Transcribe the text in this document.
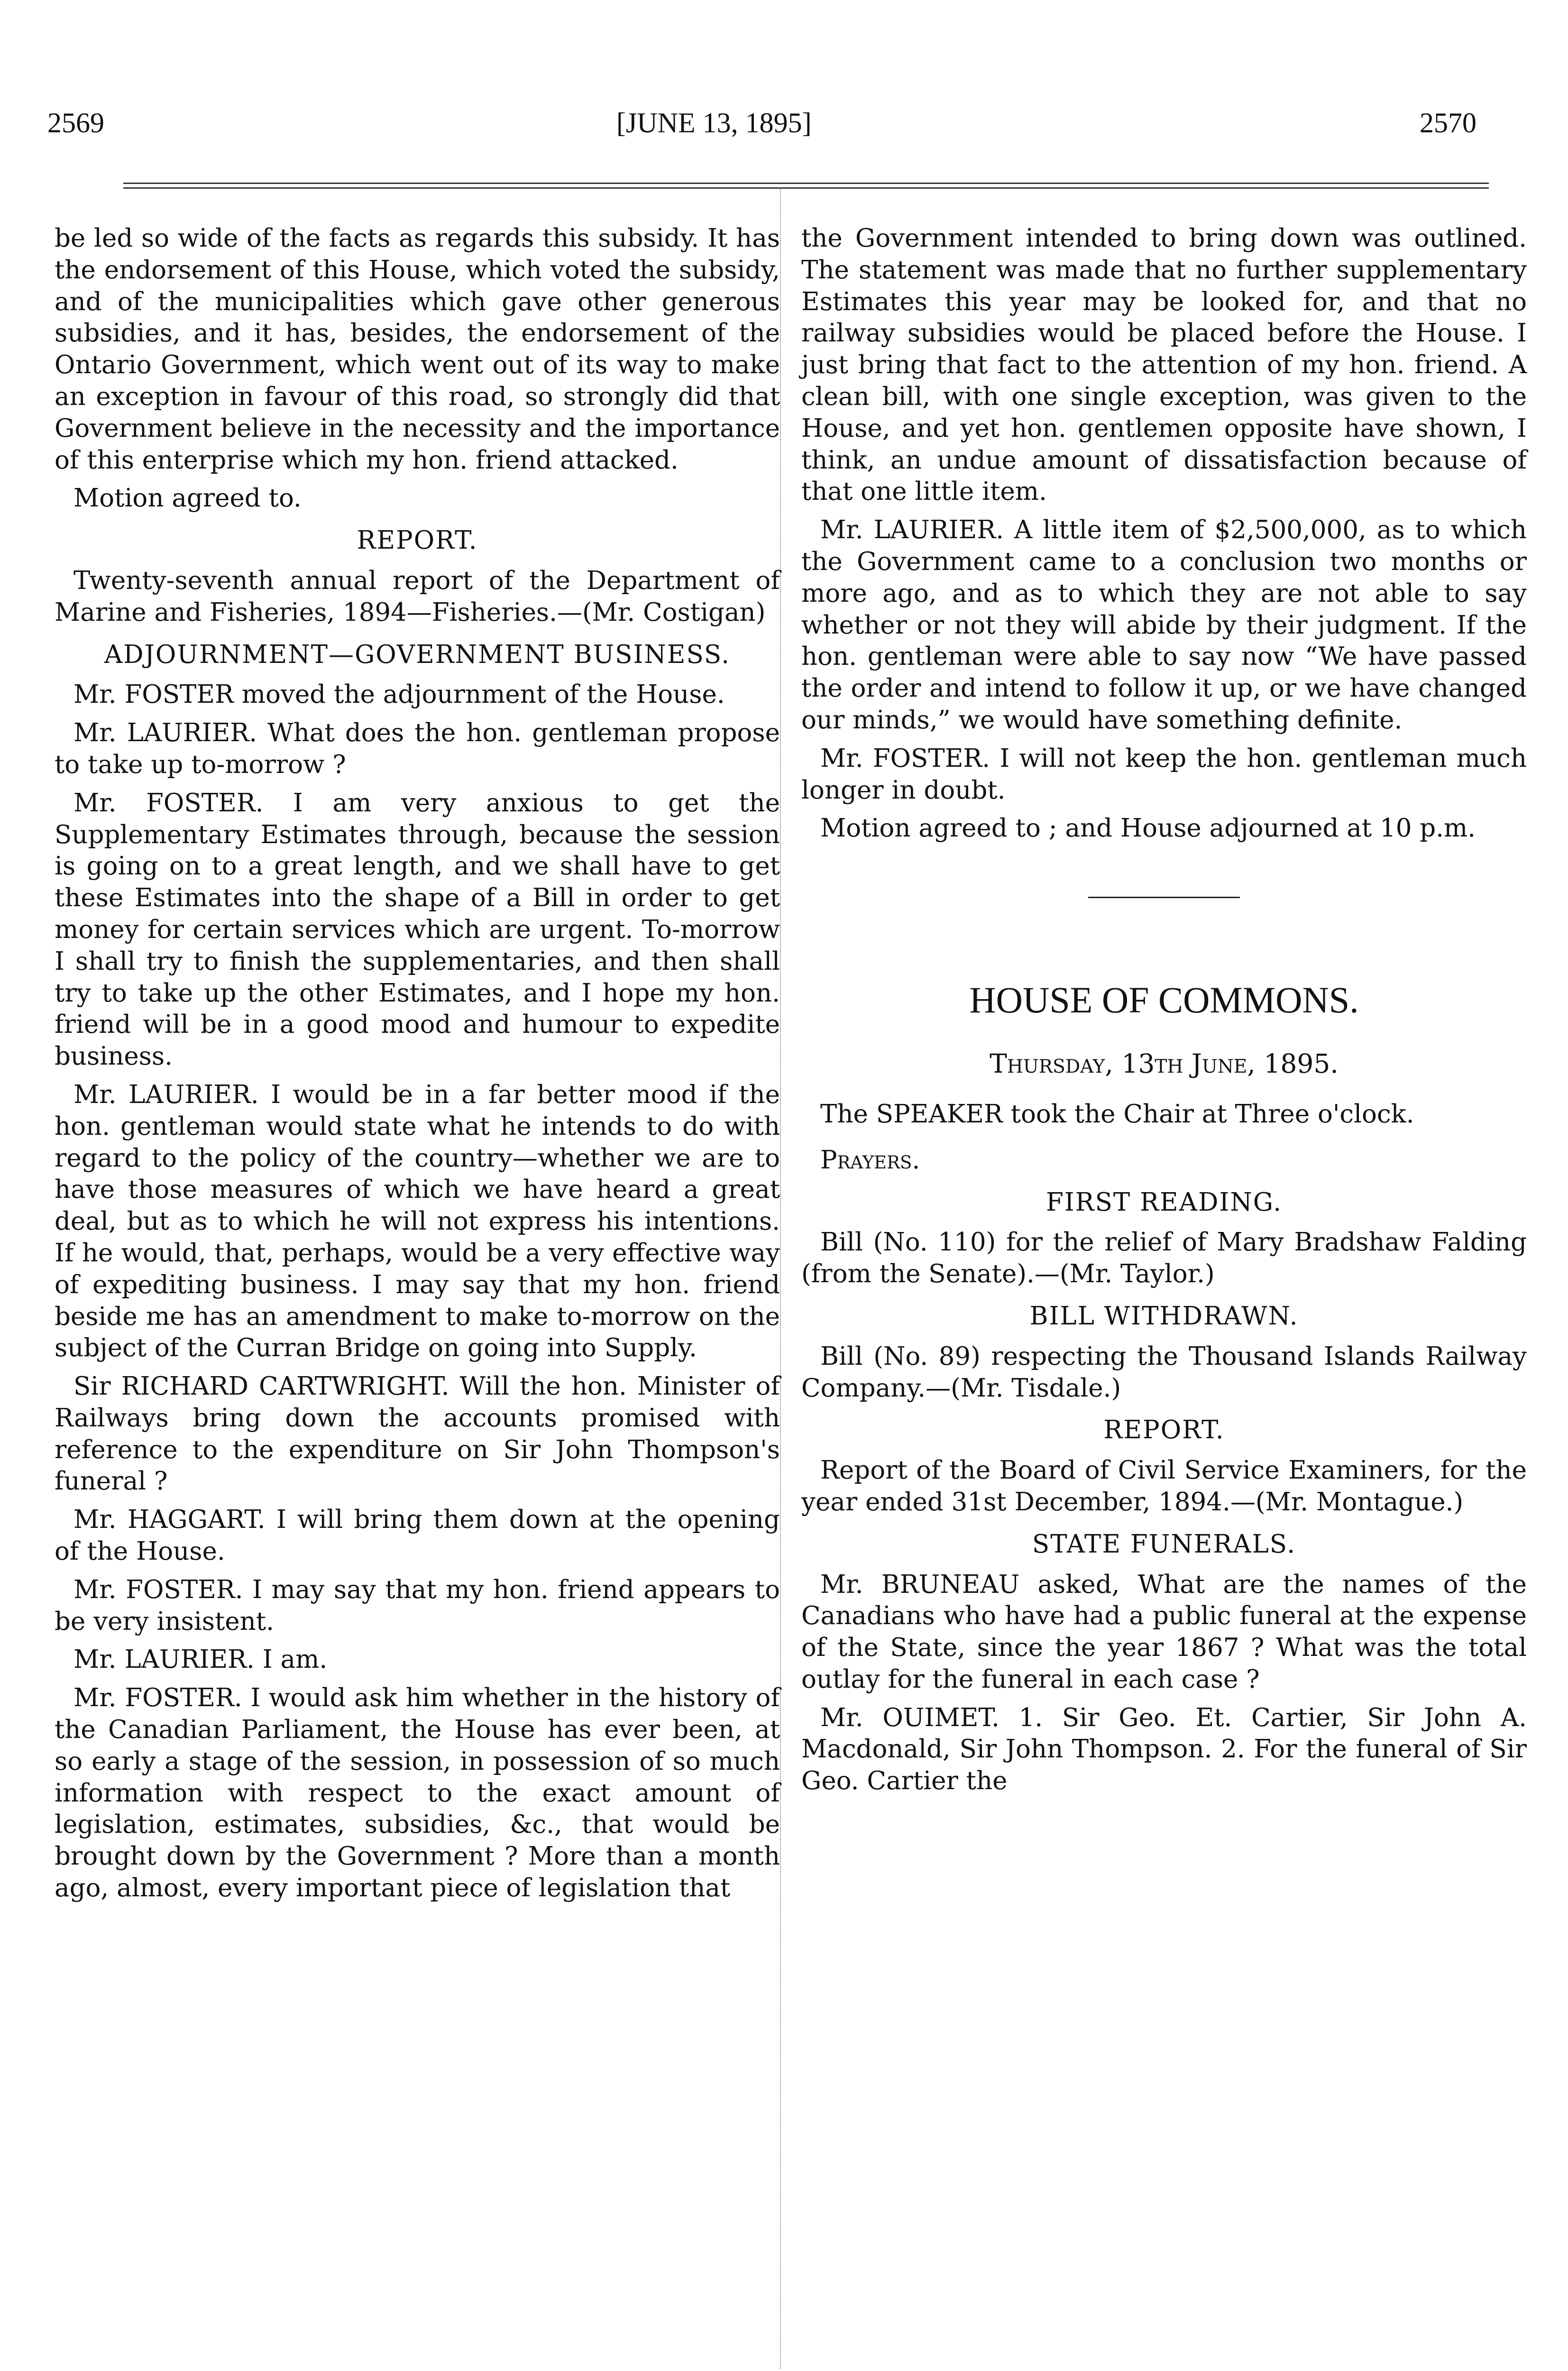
2569	[JUNE 13, 1895]	2570

be led so wide of the facts as regards this subsidy. It has the endorsement of this House, which voted the subsidy, and of the municipalities which gave other generous subsidies, and it has, besides, the endorsement of the Ontario Government, which went out of its way to make an exception in favour of this road, so strongly did that Government believe in the necessity and the importance of this enterprise which my hon. friend attacked.

Motion agreed to.

REPORT.

Twenty-seventh annual report of the Department of Marine and Fisheries, 1894—Fisheries.—(Mr. Costigan)

ADJOURNMENT—GOVERNMENT BUSINESS.

Mr. FOSTER moved the adjournment of the House.

Mr. LAURIER. What does the hon. gentleman propose to take up to-morrow ?

Mr. FOSTER. I am very anxious to get the Supplementary Estimates through, because the session is going on to a great length, and we shall have to get these Estimates into the shape of a Bill in order to get money for certain services which are urgent. To-morrow I shall try to finish the supplementaries, and then shall try to take up the other Estimates, and I hope my hon. friend will be in a good mood and humour to expedite business.

Mr. LAURIER. I would be in a far better mood if the hon. gentleman would state what he intends to do with regard to the policy of the country—whether we are to have those measures of which we have heard a great deal, but as to which he will not express his intentions. If he would, that, perhaps, would be a very effective way of expediting business. I may say that my hon. friend beside me has an amendment to make to-morrow on the subject of the Curran Bridge on going into Supply.

Sir RICHARD CARTWRIGHT. Will the hon. Minister of Railways bring down the accounts promised with reference to the expenditure on Sir John Thompson's funeral ?

Mr. HAGGART. I will bring them down at the opening of the House.

Mr. FOSTER. I may say that my hon. friend appears to be very insistent.

Mr. LAURIER. I am.

Mr. FOSTER. I would ask him whether in the history of the Canadian Parliament, the House has ever been, at so early a stage of the session, in possession of so much information with respect to the exact amount of legislation, estimates, subsidies, &c., that would be brought down by the Government ? More than a month ago, almost, every important piece of legislation that

the Government intended to bring down was outlined. The statement was made that no further supplementary Estimates this year may be looked for, and that no railway subsidies would be placed before the House. I just bring that fact to the attention of my hon. friend. A clean bill, with one single exception, was given to the House, and yet hon. gentlemen opposite have shown, I think, an undue amount of dissatisfaction because of that one little item.

Mr. LAURIER. A little item of $2,500,000, as to which the Government came to a conclusion two months or more ago, and as to which they are not able to say whether or not they will abide by their judgment. If the hon. gentleman were able to say now “We have passed the order and intend to follow it up, or we have changed our minds,” we would have something definite.

Mr. FOSTER. I will not keep the hon. gentleman much longer in doubt.

Motion agreed to ; and House adjourned at 10 p.m.

HOUSE OF COMMONS.
Thursday, 13th June, 1895.

The SPEAKER took the Chair at Three o'clock.

Prayers.

FIRST READING.

Bill (No. 110) for the relief of Mary Bradshaw Falding (from the Senate).—(Mr. Taylor.)

BILL WITHDRAWN.

Bill (No. 89) respecting the Thousand Islands Railway Company.—(Mr. Tisdale.)

REPORT.

Report of the Board of Civil Service Examiners, for the year ended 31st December, 1894.—(Mr. Montague.)

STATE FUNERALS.

Mr. BRUNEAU asked, What are the names of the Canadians who have had a public funeral at the expense of the State, since the year 1867 ? What was the total outlay for the funeral in each case ?

Mr. OUIMET. 1. Sir Geo. Et. Cartier, Sir John A. Macdonald, Sir John Thompson. 2. For the funeral of Sir Geo. Cartier the
